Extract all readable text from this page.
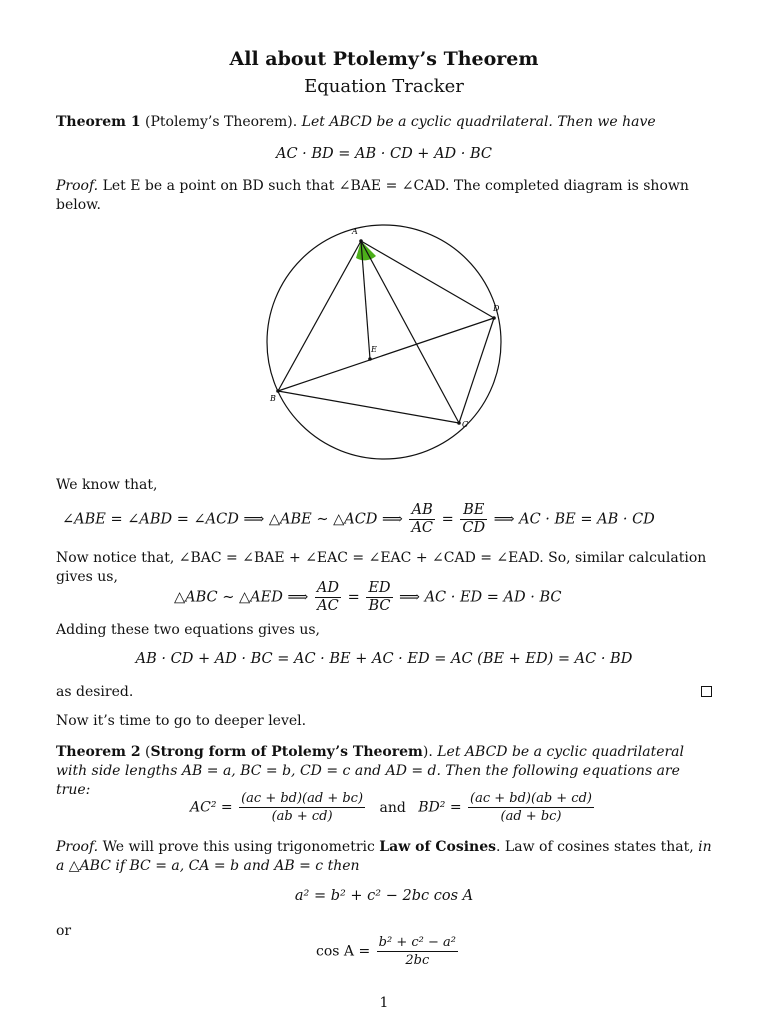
All about Ptolemy’s Theorem
Equation Tracker
Theorem 1 (Ptolemy’s Theorem). Let ABCD be a cyclic quadrilateral. Then we have
AC · BD = AB · CD + AD · BC
Proof. Let E be a point on BD such that ∠BAE = ∠CAD. The completed diagram is shown below.
A
B
C
D
E
We know that,
∠ABE = ∠ABD = ∠ACD ⟹ △ABE ∼ △ACD ⟹ $\frac{AB}{AC} = \frac{BE}{CD}$ ⟹ AC · BE = AB · CD
Now notice that, ∠BAC = ∠BAE + ∠EAC = ∠EAC + ∠CAD = ∠EAD. So, similar calculation gives us,
△ABC ∼ △AED ⟹ $\frac{AD}{AC} = \frac{ED}{BC}$ ⟹ AC · ED = AD · BC
Adding these two equations gives us,
AB · CD + AD · BC = AC · BE + AC · ED = AC (BE + ED) = AC · BD
as desired.
Now it’s time to go to deeper level.
Theorem 2 (Strong form of Ptolemy’s Theorem). Let ABCD be a cyclic quadrilateral with side lengths AB = a, BC = b, CD = c and AD = d. Then the following equations are true:
$AC^2 = \frac{(ac + bd)(ad + bc)}{(ab + cd)}$ and $BD^2 = \frac{(ac + bd)(ab + cd)}{(ad + bc)}$
Proof. We will prove this using trigonometric Law of Cosines. Law of cosines states that, in a △ABC if BC = a, CA = b and AB = c then
a² = b² + c² − 2bc cos A
or
$\cos A = \frac{\text{b² + c² − a²}}{2bc}$
1
